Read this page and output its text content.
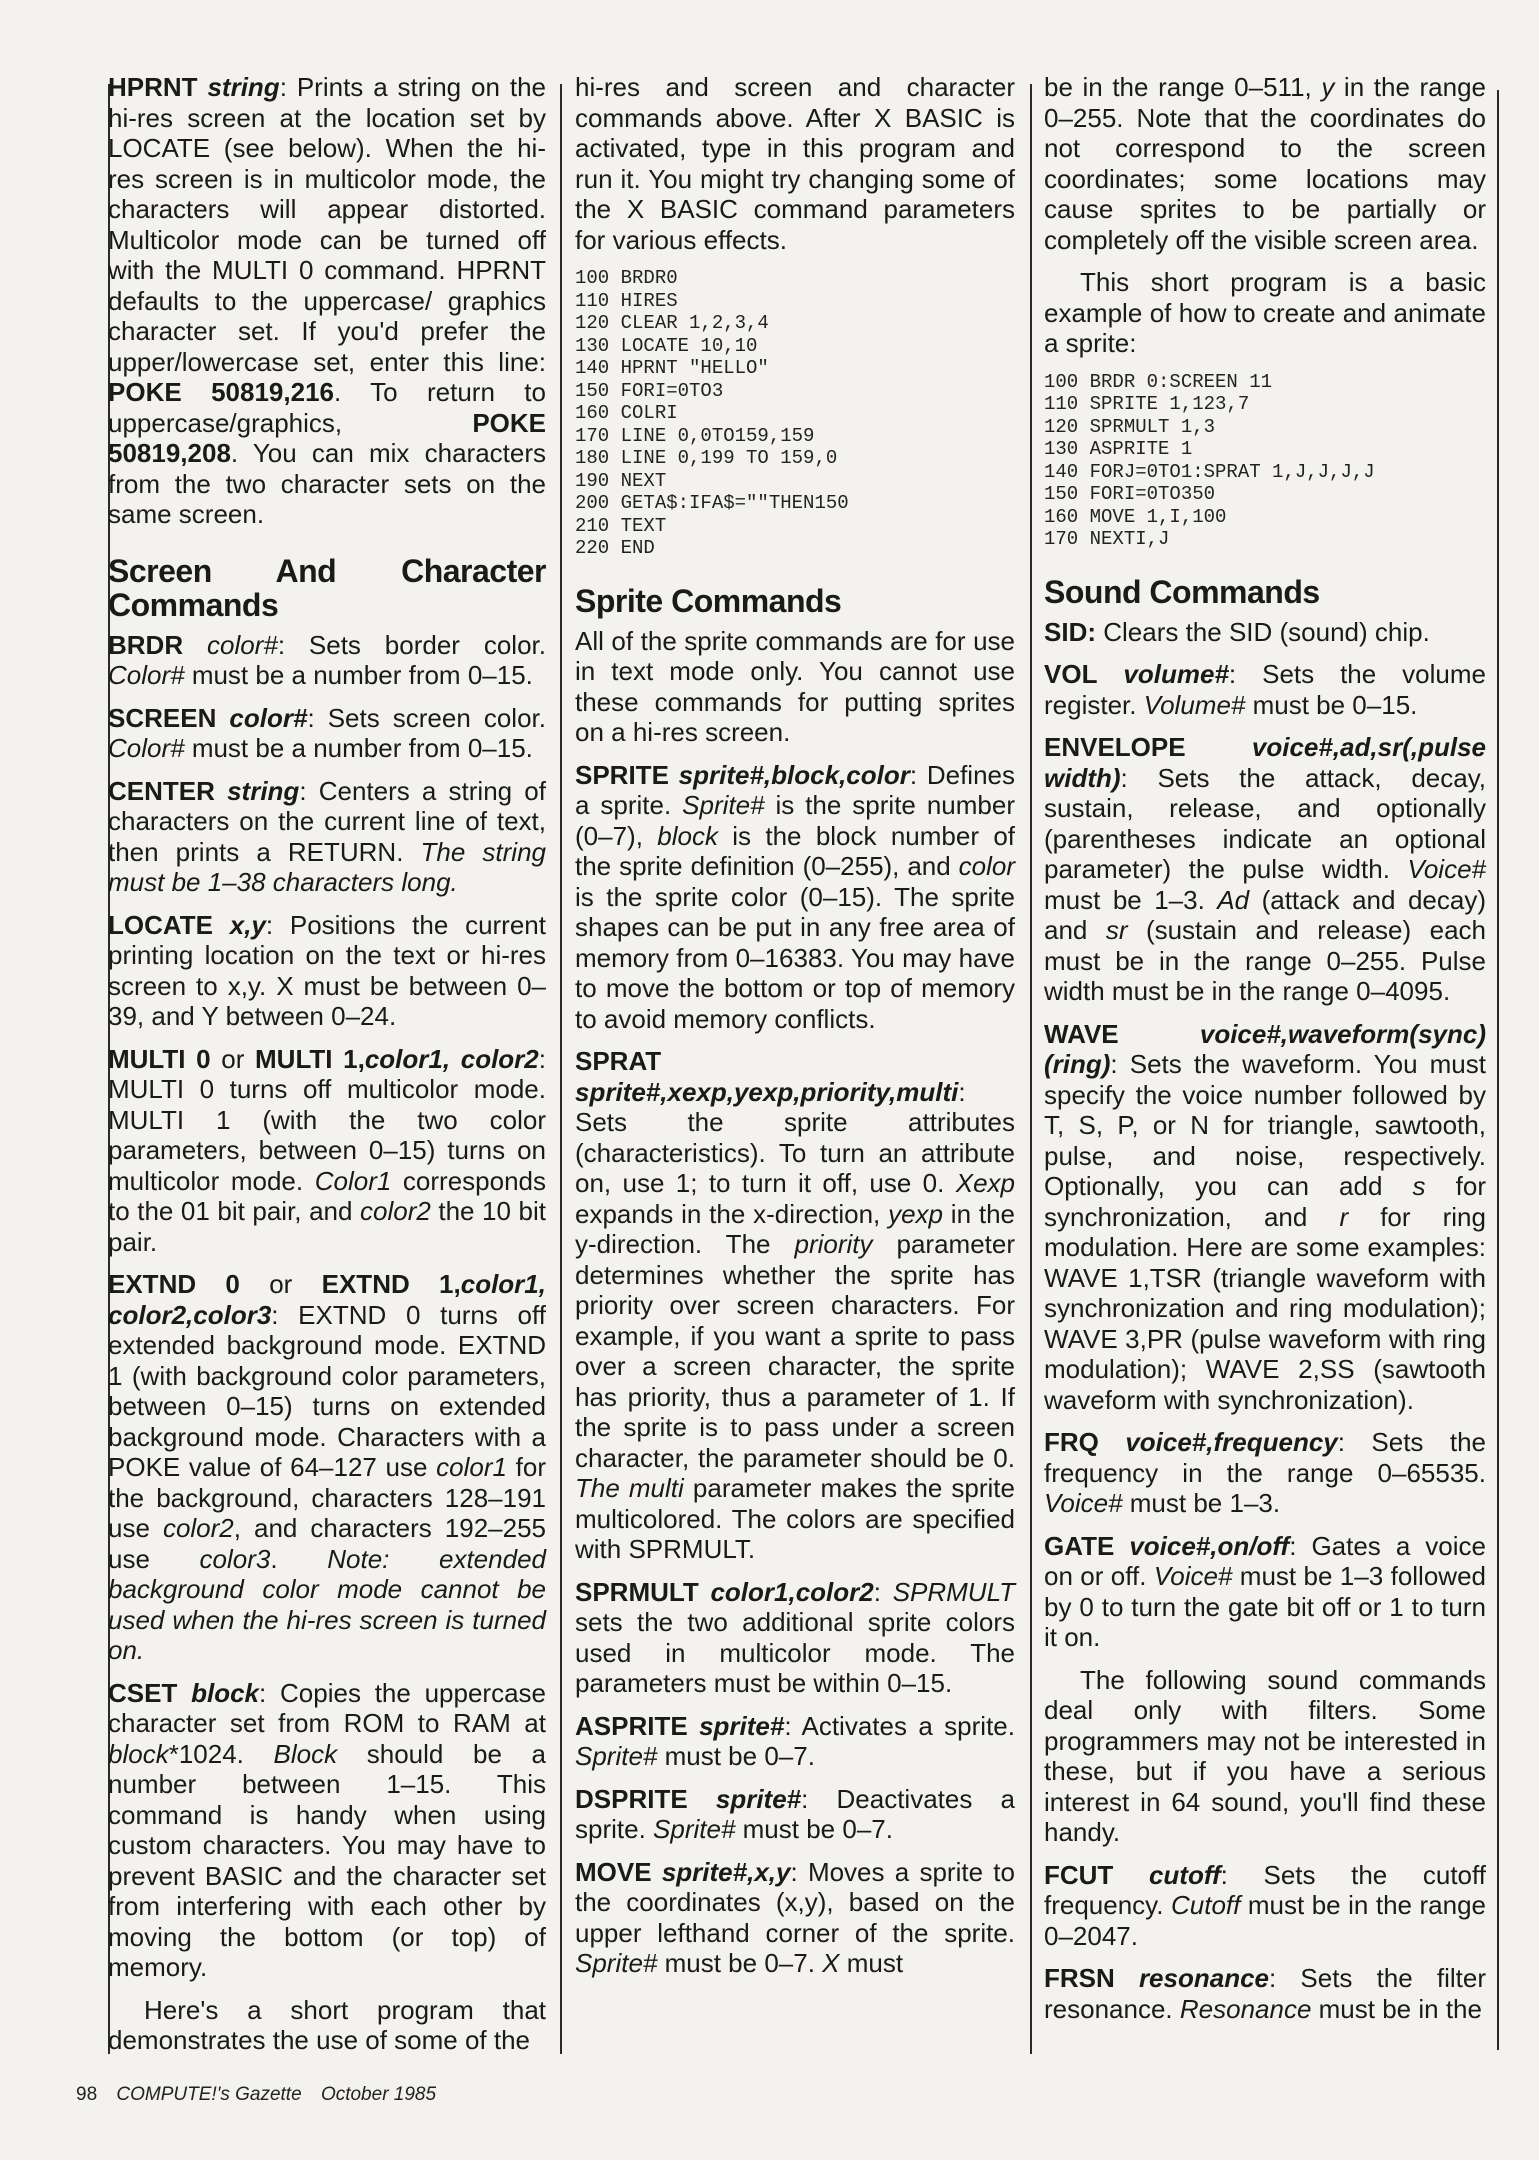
HPRNT string: Prints a string on the hi-res screen at the location set by LOCATE (see below). When the hi-res screen is in multicolor mode, the characters will appear distorted. Multicolor mode can be turned off with the MULTI 0 command. HPRNT defaults to the uppercase/ graphics character set. If you'd prefer the upper/lowercase set, enter this line: POKE 50819,216. To return to uppercase/graphics,	POKE 50819,208. You can mix characters from the two character sets on the same screen.

Screen And Character Commands

BRDR color#: Sets border color. Color# must be a number from 0–15.

SCREEN color#: Sets screen color. Color# must be a number from 0–15.

CENTER string: Centers a string of characters on the current line of text, then prints a RETURN. The string must be 1–38 characters long.

LOCATE x,y: Positions the current printing location on the text or hi-res screen to x,y. X must be between 0–39, and Y between 0–24.

MULTI 0 or MULTI 1,color1, color2: MULTI 0 turns off multicolor mode. MULTI 1 (with the two color parameters, between 0–15) turns on multicolor mode. Color1 corresponds to the 01 bit pair, and color2 the 10 bit pair.

EXTND 0 or EXTND 1,color1, color2,color3: EXTND 0 turns off extended background mode. EXTND 1 (with background color parameters, between 0–15) turns on extended background mode. Characters with a POKE value of 64–127 use color1 for the background, characters 128–191 use color2, and characters 192–255 use color3. Note: extended background color mode cannot be used when the hi-res screen is turned on.

CSET block: Copies the uppercase character set from ROM to RAM at block*1024. Block should be a number between 1–15. This command is handy when using custom characters. You may have to prevent BASIC and the character set from interfering with each other by moving the bottom (or top) of memory.

Here's a short program that demonstrates the use of some of the

hi-res and screen and character commands above. After X BASIC is activated, type in this program and run it. You might try changing some of the X BASIC command parameters for various effects.

100 BRDR0
110 HIRES
120 CLEAR 1,2,3,4
130 LOCATE 10,10
140 HPRNT "HELLO"
150 FORI=0TO3
160 COLRI
170 LINE 0,0TO159,159
180 LINE 0,199 TO 159,0
190 NEXT
200 GETA$:IFA$=""THEN150
210 TEXT
220 END
Sprite Commands

All of the sprite commands are for use in text mode only. You cannot use these commands for putting sprites on a hi-res screen.

SPRITE sprite#,block,color: Defines a sprite. Sprite# is the sprite number (0–7), block is the block number of the sprite definition (0–255), and color is the sprite color (0–15). The sprite shapes can be put in any free area of memory from 0–16383. You may have to move the bottom or top of memory to avoid memory conflicts.

SPRAT sprite#,xexp,yexp,priority,multi: Sets the sprite attributes (characteristics). To turn an attribute on, use 1; to turn it off, use 0. Xexp expands in the x-direction, yexp in the y-direction. The priority parameter determines whether the sprite has priority over screen characters. For example, if you want a sprite to pass over a screen character, the sprite has priority, thus a parameter of 1. If the sprite is to pass under a screen character, the parameter should be 0. The multi parameter makes the sprite multicolored. The colors are specified with SPRMULT.

SPRMULT color1,color2: SPRMULT sets the two additional sprite colors used in multicolor mode. The parameters must be within 0–15.

ASPRITE sprite#: Activates a sprite. Sprite# must be 0–7.

DSPRITE sprite#: Deactivates a sprite. Sprite# must be 0–7.

MOVE sprite#,x,y: Moves a sprite to the coordinates (x,y), based on the upper lefthand corner of the sprite. Sprite# must be 0–7. X must

be in the range 0–511, y in the range 0–255. Note that the coordinates do not correspond to the screen coordinates; some locations may cause sprites to be partially or completely off the visible screen area.

This short program is a basic example of how to create and animate a sprite:

100 BRDR 0:SCREEN 11
110 SPRITE 1,123,7
120 SPRMULT 1,3
130 ASPRITE 1
140 FORJ=0TO1:SPRAT 1,J,J,J,J
150 FORI=0TO350
160 MOVE 1,I,100
170 NEXTI,J
Sound Commands

SID: Clears the SID (sound) chip.

VOL volume#: Sets the volume register. Volume# must be 0–15.

ENVELOPE	voice#,ad,sr(,pulse width): Sets the attack, decay, sustain, release, and optionally (parentheses indicate an optional parameter) the pulse width. Voice# must be 1–3. Ad (attack and decay) and sr (sustain and release) each must be in the range 0–255. Pulse width must be in the range 0–4095.

WAVE	voice#,waveform(sync) (ring): Sets the waveform. You must specify the voice number followed by T, S, P, or N for triangle, sawtooth, pulse, and noise, respectively. Optionally, you can add s for synchronization, and r for ring modulation. Here are some examples: WAVE 1,TSR (triangle waveform with synchronization and ring modulation); WAVE 3,PR (pulse waveform with ring modulation); WAVE 2,SS (sawtooth waveform with synchronization).

FRQ voice#,frequency: Sets the frequency in the range 0–65535. Voice# must be 1–3.

GATE voice#,on/off: Gates a voice on or off. Voice# must be 1–3 followed by 0 to turn the gate bit off or 1 to turn it on.

The following sound commands deal only with filters. Some programmers may not be interested in these, but if you have a serious interest in 64 sound, you'll find these handy.

FCUT cutoff: Sets the cutoff frequency. Cutoff must be in the range 0–2047.

FRSN resonance: Sets the filter resonance. Resonance must be in the

98 COMPUTE!'s Gazette October 1985
